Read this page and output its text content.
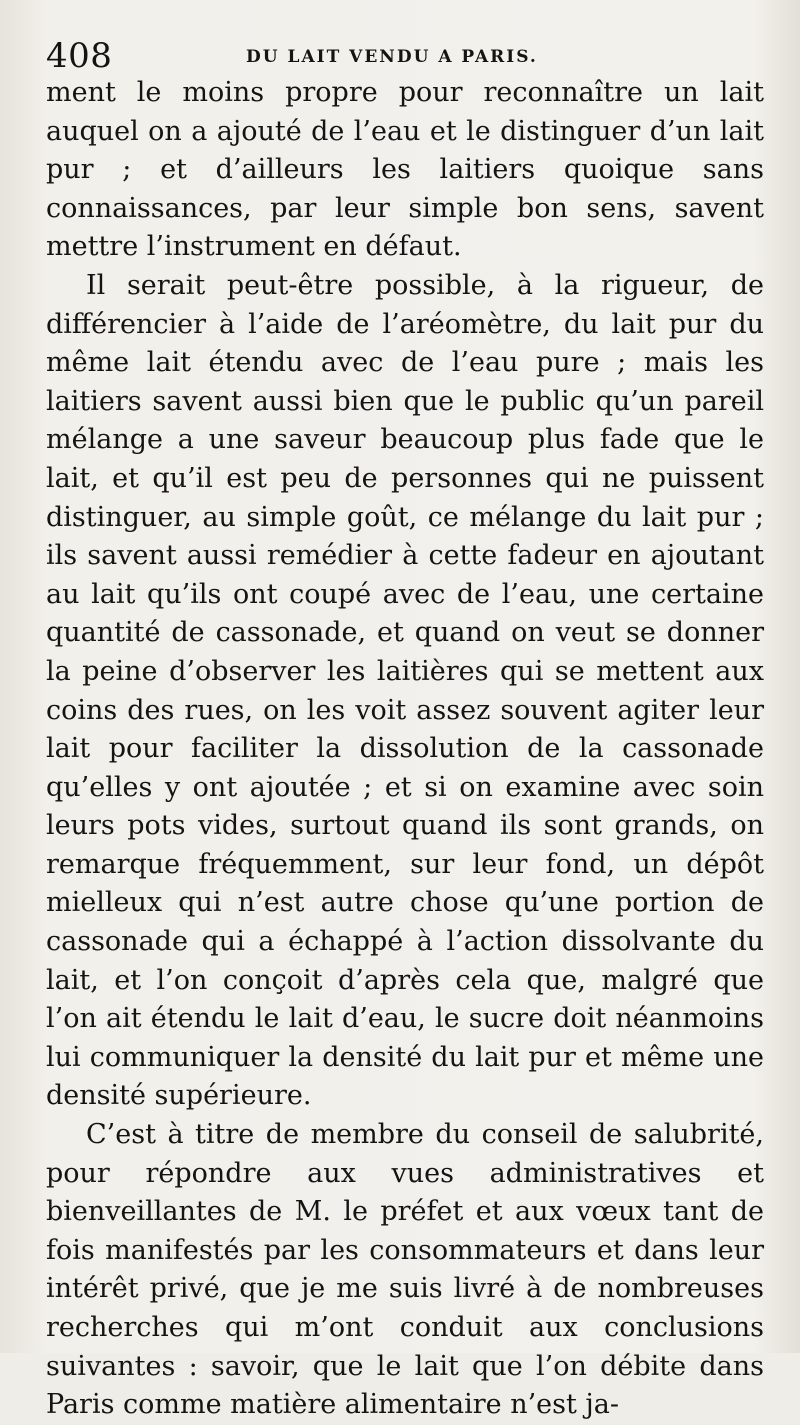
408	DU LAIT VENDU A PARIS.

ment le moins propre pour reconnaître un lait auquel on a ajouté de l’eau et le distinguer d’un lait pur ; et d’ailleurs les laitiers quoique sans connaissances, par leur simple bon sens, savent mettre l’instrument en défaut.

Il serait peut-être possible, à la rigueur, de différencier à l’aide de l’aréomètre, du lait pur du même lait étendu avec de l’eau pure ; mais les laitiers savent aussi bien que le public qu’un pareil mélange a une saveur beaucoup plus fade que le lait, et qu’il est peu de personnes qui ne puissent distinguer, au simple goût, ce mélange du lait pur ; ils savent aussi remédier à cette fadeur en ajoutant au lait qu’ils ont coupé avec de l’eau, une certaine quantité de cassonade, et quand on veut se donner la peine d’observer les laitières qui se mettent aux coins des rues, on les voit assez souvent agiter leur lait pour faciliter la dissolution de la cassonade qu’elles y ont ajoutée ; et si on examine avec soin leurs pots vides, surtout quand ils sont grands, on remarque fréquemment, sur leur fond, un dépôt mielleux qui n’est autre chose qu’une portion de cassonade qui a échappé à l’action dissolvante du lait, et l’on conçoit d’après cela que, malgré que l’on ait étendu le lait d’eau, le sucre doit néanmoins lui communiquer la densité du lait pur et même une densité supérieure.

C’est à titre de membre du conseil de salubrité, pour répondre aux vues administratives et bienveillantes de M. le préfet et aux vœux tant de fois manifestés par les consommateurs et dans leur intérêt privé, que je me suis livré à de nombreuses recherches qui m’ont conduit aux conclusions suivantes : savoir, que le lait que l’on débite dans Paris comme matière alimentaire n’est ja-
